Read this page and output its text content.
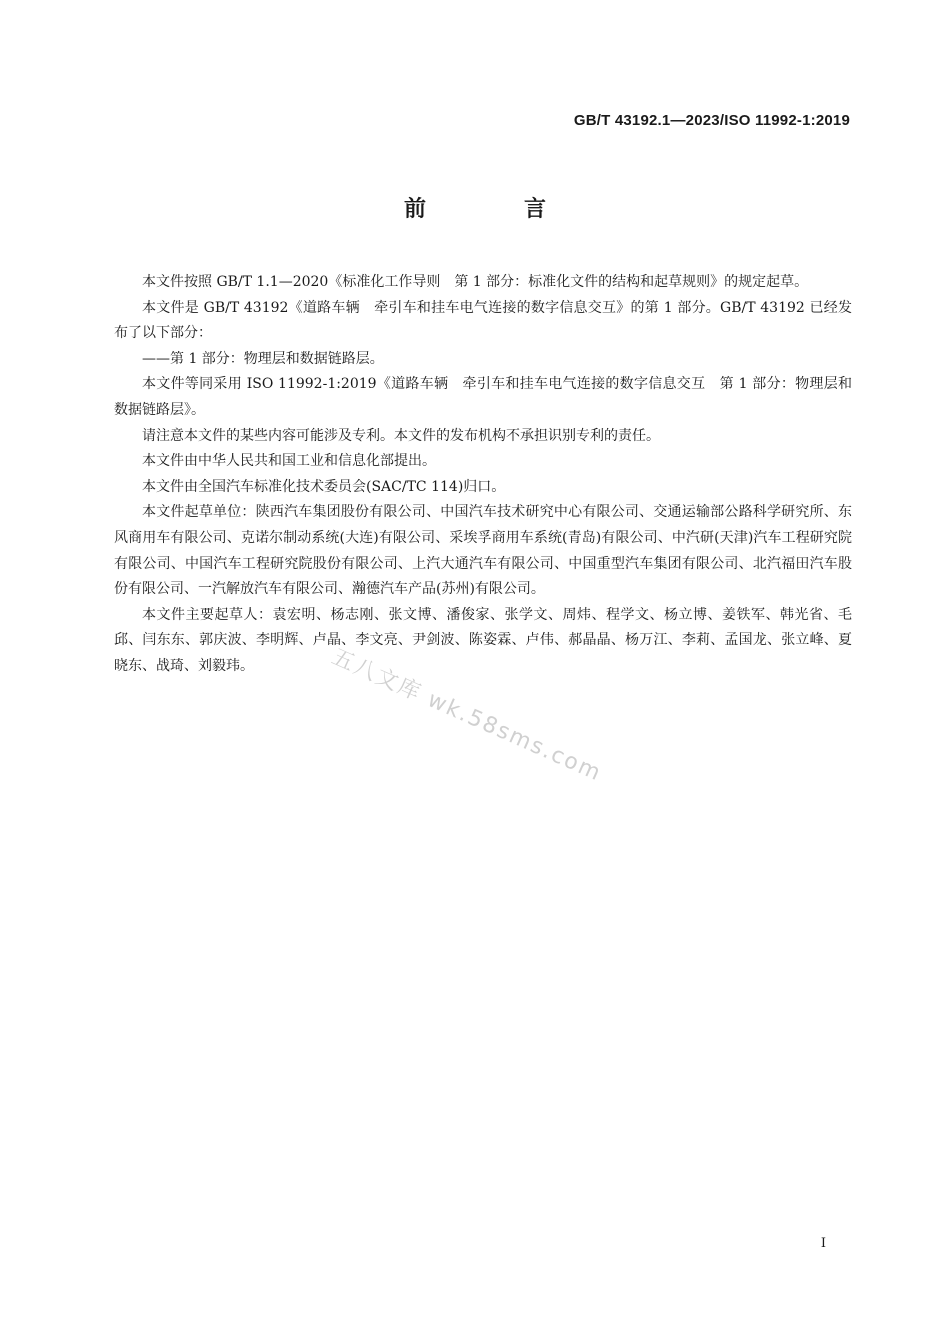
GB/T 43192.1—2023/ISO 11992-1:2019
前　言

本文件按照 GB/T 1.1—2020《标准化工作导则　第 1 部分：标准化文件的结构和起草规则》的规定起草。

本文件是 GB/T 43192《道路车辆　牵引车和挂车电气连接的数字信息交互》的第 1 部分。GB/T 43192 已经发布了以下部分：

——第 1 部分：物理层和数据链路层。

本文件等同采用 ISO 11992-1:2019《道路车辆　牵引车和挂车电气连接的数字信息交互　第 1 部分：物理层和数据链路层》。

请注意本文件的某些内容可能涉及专利。本文件的发布机构不承担识别专利的责任。

本文件由中华人民共和国工业和信息化部提出。

本文件由全国汽车标准化技术委员会(SAC/TC 114)归口。

本文件起草单位：陕西汽车集团股份有限公司、中国汽车技术研究中心有限公司、交通运输部公路科学研究所、东风商用车有限公司、克诺尔制动系统(大连)有限公司、采埃孚商用车系统(青岛)有限公司、中汽研(天津)汽车工程研究院有限公司、中国汽车工程研究院股份有限公司、上汽大通汽车有限公司、中国重型汽车集团有限公司、北汽福田汽车股份有限公司、一汽解放汽车有限公司、瀚德汽车产品(苏州)有限公司。

本文件主要起草人：袁宏明、杨志刚、张文博、潘俊家、张学文、周炜、程学文、杨立博、姜铁军、韩光省、毛邱、闫东东、郭庆波、李明辉、卢晶、李文亮、尹剑波、陈姿霖、卢伟、郝晶晶、杨万江、李莉、孟国龙、张立峰、夏晓东、战琦、刘毅玮。	五八文库 wk.58sms.com
I
